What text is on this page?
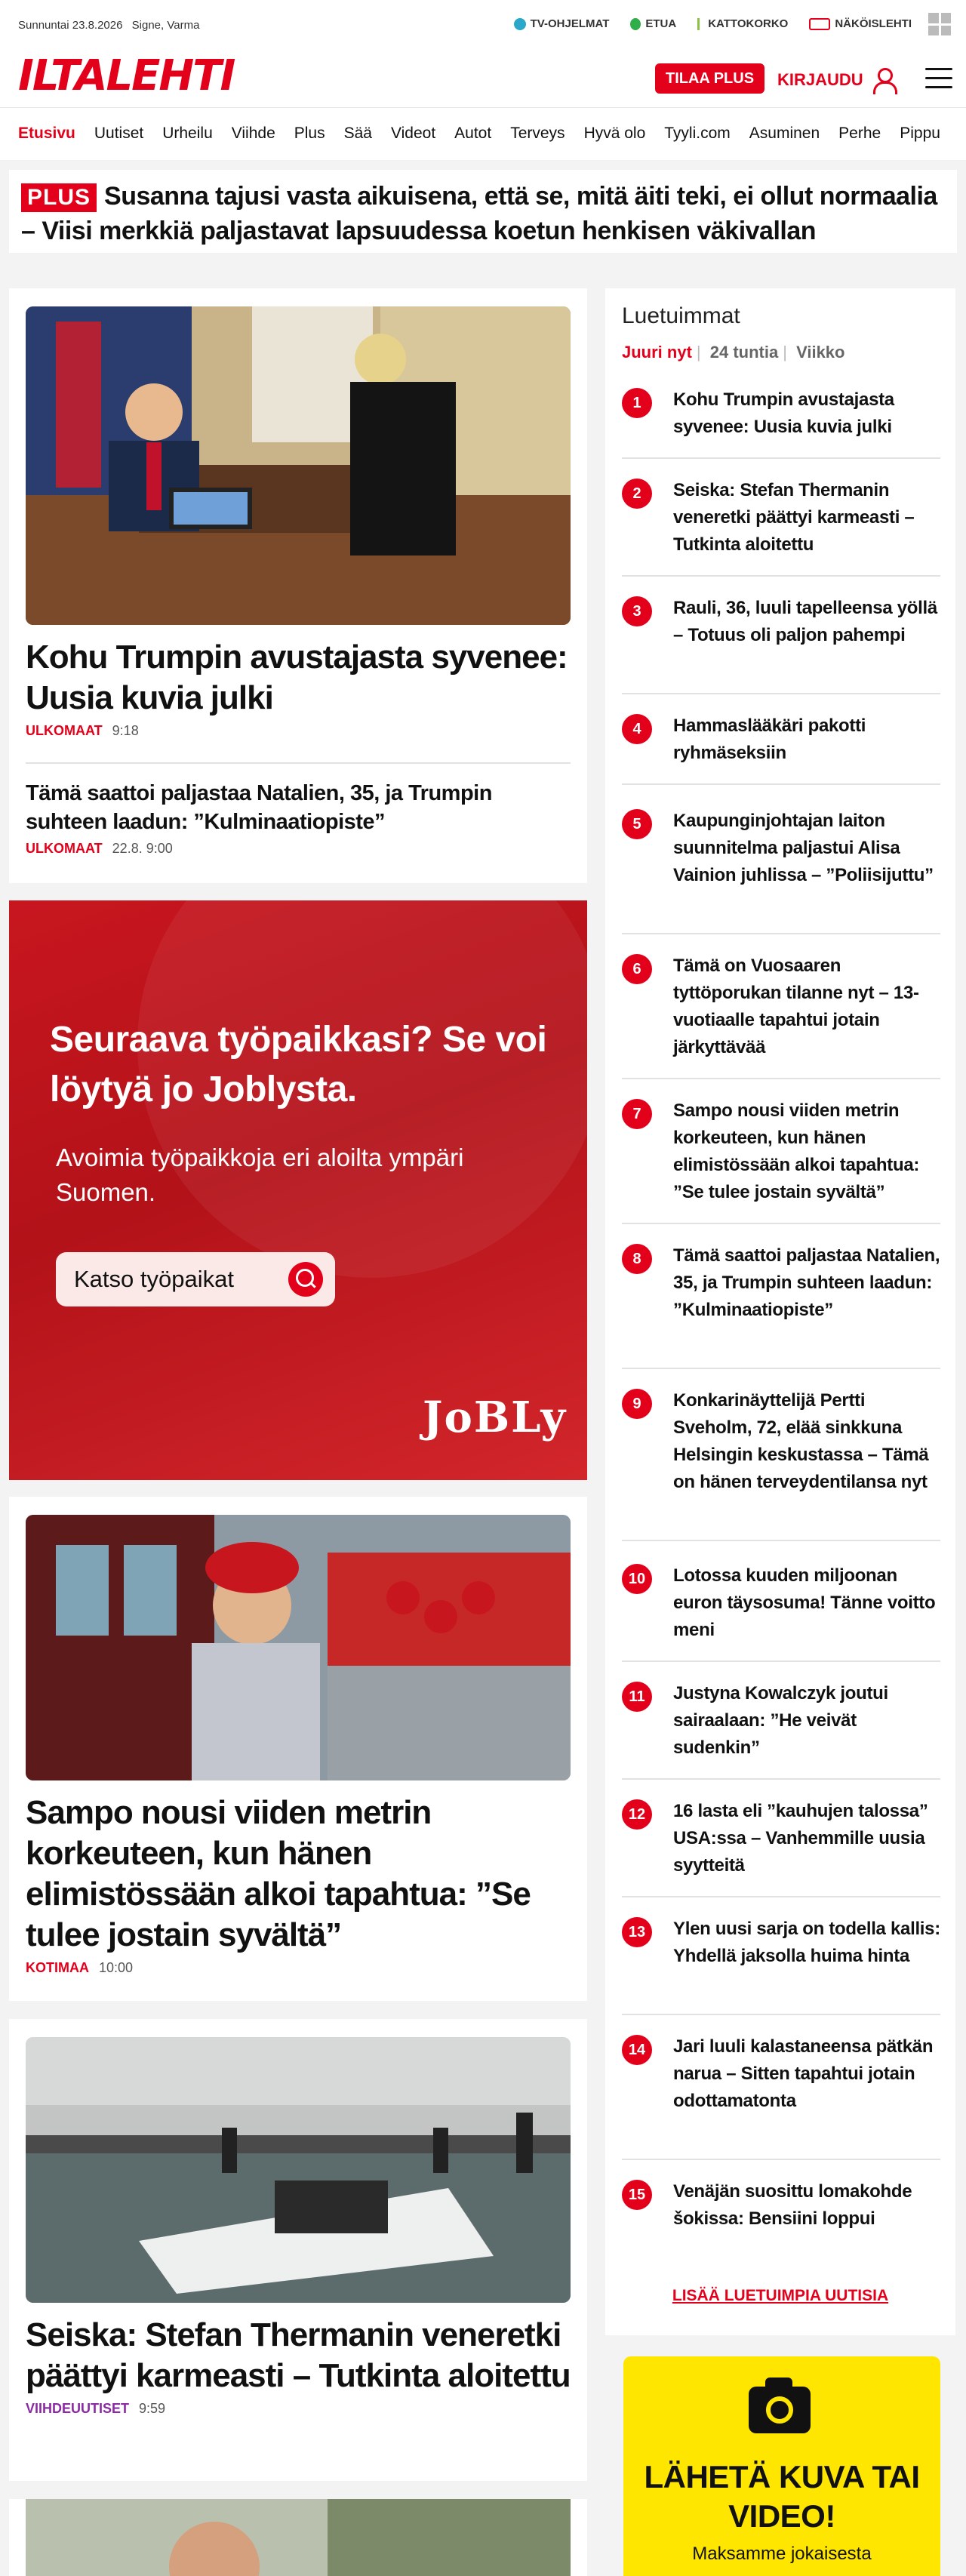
Sunnuntai 23.8.2026 Signe, Varma	TV-OHJELMAT	ETUA	KATTOKORKO	NÄKÖISLEHTI
ILTALEHTI	TILAA PLUS	KIRJAUDU
Etusivu Uutiset Urheilu Viihde Plus Sää Videot Autot Terveys Hyvä olo Tyyli.com Asuminen Perhe Pippu
PLUS Susanna tajusi vasta aikuisena, että se, mitä äiti teki, ei ollut normaalia – Viisi merkkiä paljastavat lapsuudessa koetun henkisen väkivallan
Kohu Trumpin avustajasta syvenee: Uusia kuvia julki
ULKOMAAT 9:18
Tämä saattoi paljastaa Natalien, 35, ja Trumpin suhteen laadun: ”Kulminaatiopiste”
ULKOMAAT 22.8. 9:00
Seuraava työpaikkasi? Se voi löytyä jo Joblysta.
Avoimia työpaikkoja eri aloilta ympäri Suomen.
Katso työpaikat
JoBLy
Sampo nousi viiden metrin korkeuteen, kun hänen elimistössään alkoi tapahtua: ”Se tulee jostain syvältä”
KOTIMAA 10:00
Seiska: Stefan Thermanin veneretki päättyi karmeasti – Tutkinta aloitettu
VIIHDEUUTISET 9:59
Luetuimmat
Juuri nyt | 24 tuntia | Viikko
1	Kohu Trumpin avustajasta syvenee: Uusia kuvia julki
2	Seiska: Stefan Thermanin veneretki päättyi karmeasti – Tutkinta aloitettu
3	Rauli, 36, luuli tapelleensa yöllä – Totuus oli paljon pahempi
4	Hammaslääkäri pakotti ryhmäseksiin
5	Kaupunginjohtajan laiton suunnitelma paljastui Alisa Vainion juhlissa – ”Poliisijuttu”
6	Tämä on Vuosaaren tyttöporukan tilanne nyt – 13-vuotiaalle tapahtui jotain järkyttävää
7	Sampo nousi viiden metrin korkeuteen, kun hänen elimistössään alkoi tapahtua: ”Se tulee jostain syvältä”
8	Tämä saattoi paljastaa Natalien, 35, ja Trumpin suhteen laadun: ”Kulminaatiopiste”
9	Konkarinäyttelijä Pertti Sveholm, 72, elää sinkkuna Helsingin keskustassa – Tämä on hänen terveydentilansa nyt
10	Lotossa kuuden miljoonan euron täysosuma! Tänne voitto meni
11	Justyna Kowalczyk joutui sairaalaan: ”He veivät sudenkin”
12	16 lasta eli ”kauhujen talossa” USA:ssa – Vanhemmille uusia syytteitä
13	Ylen uusi sarja on todella kallis: Yhdellä jaksolla huima hinta
14	Jari luuli kalastaneensa pätkän narua – Sitten tapahtui jotain odottamatonta
15	Venäjän suosittu lomakohde šokissa: Bensiini loppui
LISÄÄ LUETUIMPIA UUTISIA
LÄHETÄ KUVA TAI VIDEO!
Maksamme jokaisesta
